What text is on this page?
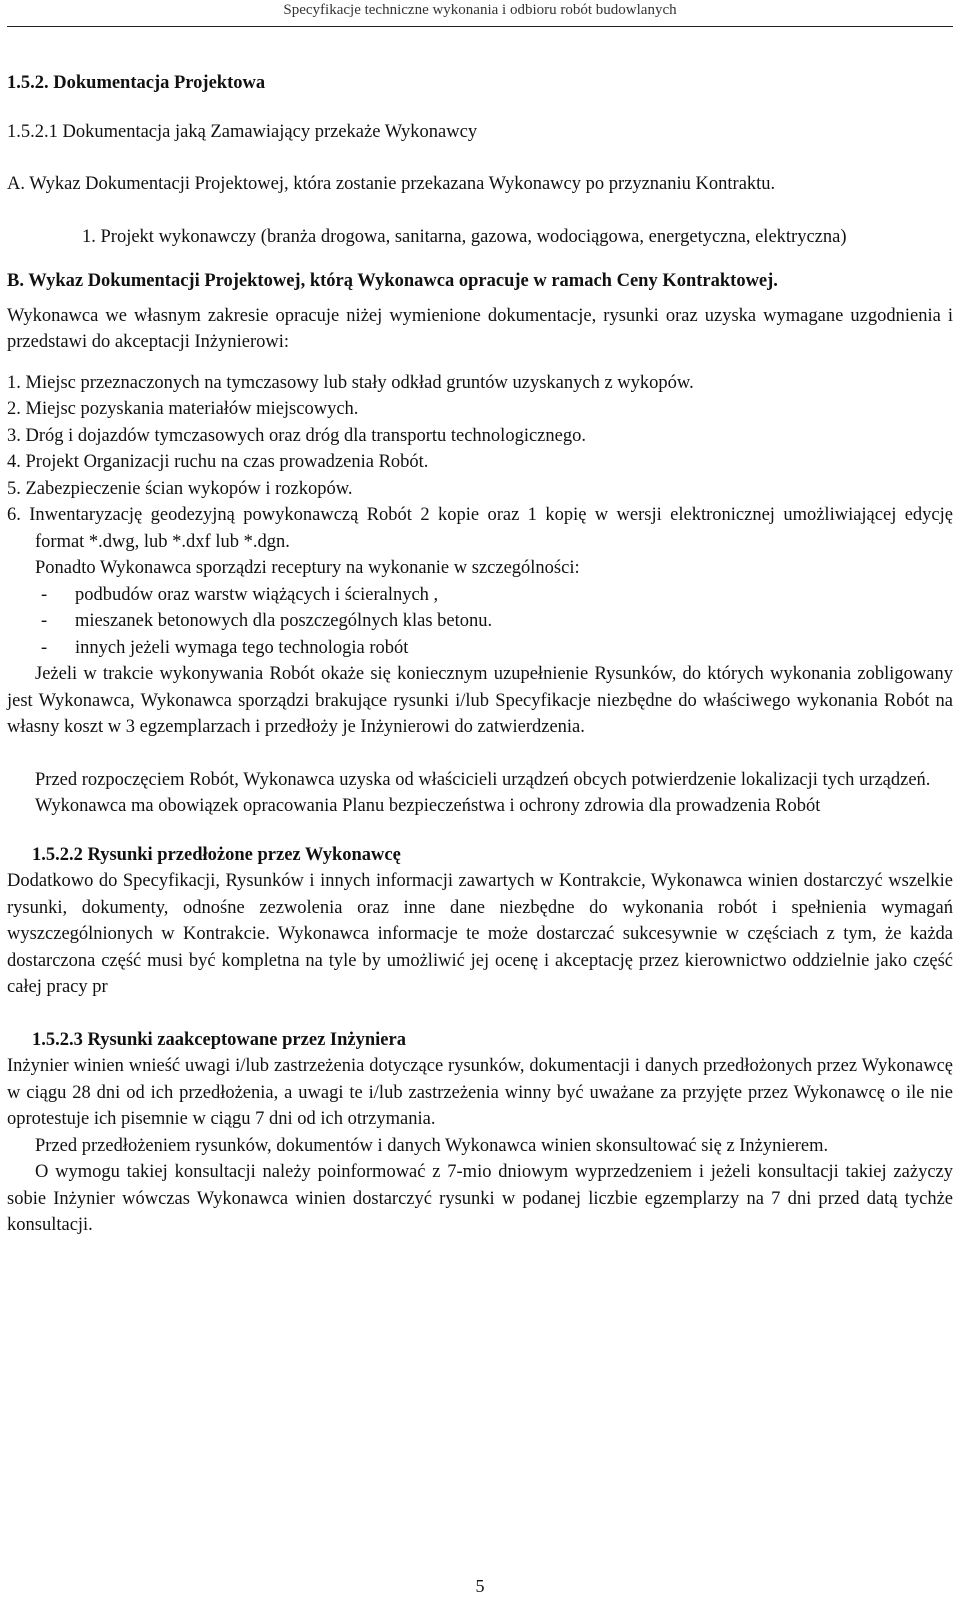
Specyfikacje techniczne wykonania i odbioru robót budowlanych

1.5.2. Dokumentacja Projektowa

1.5.2.1 Dokumentacja jaką Zamawiający przekaże Wykonawcy

A. Wykaz Dokumentacji Projektowej, która zostanie przekazana Wykonawcy po przyznaniu Kontraktu.

1. Projekt wykonawczy (branża drogowa, sanitarna, gazowa, wodociągowa, energetyczna, elektryczna)

B. Wykaz Dokumentacji Projektowej, którą Wykonawca opracuje w ramach Ceny Kontraktowej.

Wykonawca we własnym zakresie opracuje niżej wymienione dokumentacje, rysunki oraz uzyska wymagane uzgodnienia i przedstawi do akceptacji Inżynierowi:

1. Miejsc przeznaczonych na tymczasowy lub stały odkład gruntów uzyskanych z wykopów.

2. Miejsc pozyskania materiałów miejscowych.

3. Dróg i dojazdów tymczasowych oraz dróg dla transportu technologicznego.

4. Projekt Organizacji ruchu na czas prowadzenia Robót.

5. Zabezpieczenie ścian wykopów i rozkopów.

6. Inwentaryzację geodezyjną powykonawczą Robót 2 kopie oraz 1 kopię w wersji elektronicznej umożliwiającej edycję format *.dwg, lub *.dxf lub *.dgn.

Ponadto Wykonawca sporządzi receptury na wykonanie w szczególności:

- podbudów oraz warstw wiążących i ścieralnych ,

- mieszanek betonowych dla poszczególnych klas betonu.

- innych jeżeli wymaga tego technologia robót

Jeżeli w trakcie wykonywania Robót okaże się koniecznym uzupełnienie Rysunków, do których wykonania zobligowany jest Wykonawca, Wykonawca sporządzi brakujące rysunki i/lub Specyfikacje niezbędne do właściwego wykonania Robót na własny koszt w 3 egzemplarzach i przedłoży je Inżynierowi do zatwierdzenia.

Przed rozpoczęciem Robót, Wykonawca uzyska od właścicieli urządzeń obcych potwierdzenie lokalizacji tych urządzeń.

Wykonawca ma obowiązek opracowania Planu bezpieczeństwa i ochrony zdrowia dla prowadzenia Robót

1.5.2.2 Rysunki przedłożone przez Wykonawcę

Dodatkowo do Specyfikacji, Rysunków i innych informacji zawartych w Kontrakcie, Wykonawca winien dostarczyć wszelkie rysunki, dokumenty, odnośne zezwolenia oraz inne dane niezbędne do wykonania robót i spełnienia wymagań wyszczególnionych w Kontrakcie. Wykonawca informacje te może dostarczać sukcesywnie w częściach z tym, że każda dostarczona część musi być kompletna na tyle by umożliwić jej ocenę i akceptację przez kierownictwo oddzielnie jako część całej pracy pr

1.5.2.3 Rysunki zaakceptowane przez Inżyniera

Inżynier winien wnieść uwagi i/lub zastrzeżenia dotyczące rysunków, dokumentacji i danych przedłożonych przez Wykonawcę w ciągu 28 dni od ich przedłożenia, a uwagi te i/lub zastrzeżenia winny być uważane za przyjęte przez Wykonawcę o ile nie oprotestuje ich pisemnie w ciągu 7 dni od ich otrzymania.

Przed przedłożeniem rysunków, dokumentów i danych Wykonawca winien skonsultować się z Inżynierem.

O wymogu takiej konsultacji należy poinformować z 7-mio dniowym wyprzedzeniem i jeżeli konsultacji takiej zażyczy sobie Inżynier wówczas Wykonawca winien dostarczyć rysunki w podanej liczbie egzemplarzy na 7 dni przed datą tychże konsultacji.

5
